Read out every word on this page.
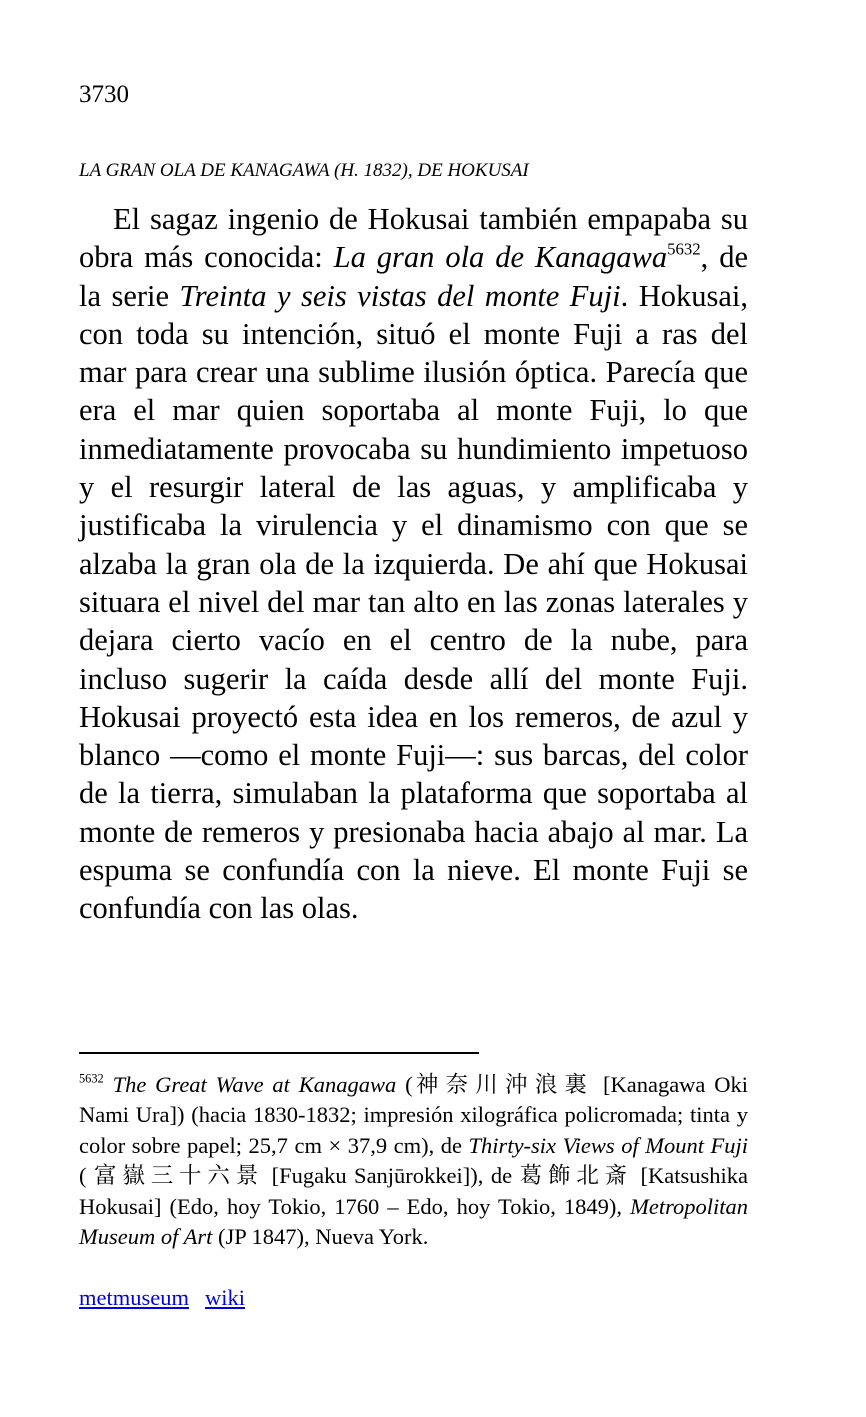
3730
LA GRAN OLA DE KANAGAWA (H. 1832), DE HOKUSAI

El sagaz ingenio de Hokusai también empapaba su obra más conocida: La gran ola de Kanagawa$^{5632}$, de la serie Treinta y seis vistas del monte Fuji. Hokusai, con toda su intención, situó el monte Fuji a ras del mar para crear una sublime ilusión óptica. Parecía que era el mar quien soportaba al monte Fuji, lo que inmediatamente provocaba su hundimiento impetuoso y el resurgir lateral de las aguas, y amplificaba y justificaba la virulencia y el dinamismo con que se alzaba la gran ola de la izquierda. De ahí que Hokusai situara el nivel del mar tan alto en las zonas laterales y dejara cierto vacío en el centro de la nube, para incluso sugerir la caída desde allí del monte Fuji. Hokusai proyectó esta idea en los remeros, de azul y blanco —como el monte Fuji—: sus barcas, del color de la tierra, simulaban la plataforma que soportaba al monte de remeros y presionaba hacia abajo al mar. La espuma se confundía con la nieve. El monte Fuji se confundía con las olas.

$^{5632}$ The Great Wave at Kanagawa (神奈川沖浪裏 [Kanagawa Oki Nami Ura]) (hacia 1830-1832; impresión xilográfica policromada; tinta y color sobre papel; 25,7 cm × 37,9 cm), de Thirty-six Views of Mount Fuji ( 富嶽三十六景 [Fugaku Sanjūrokkei]), de 葛飾北斎 [Katsushika Hokusai] (Edo, hoy Tokio, 1760 – Edo, hoy Tokio, 1849), Metropolitan Museum of Art (JP 1847), Nueva York.

metmuseum wiki
